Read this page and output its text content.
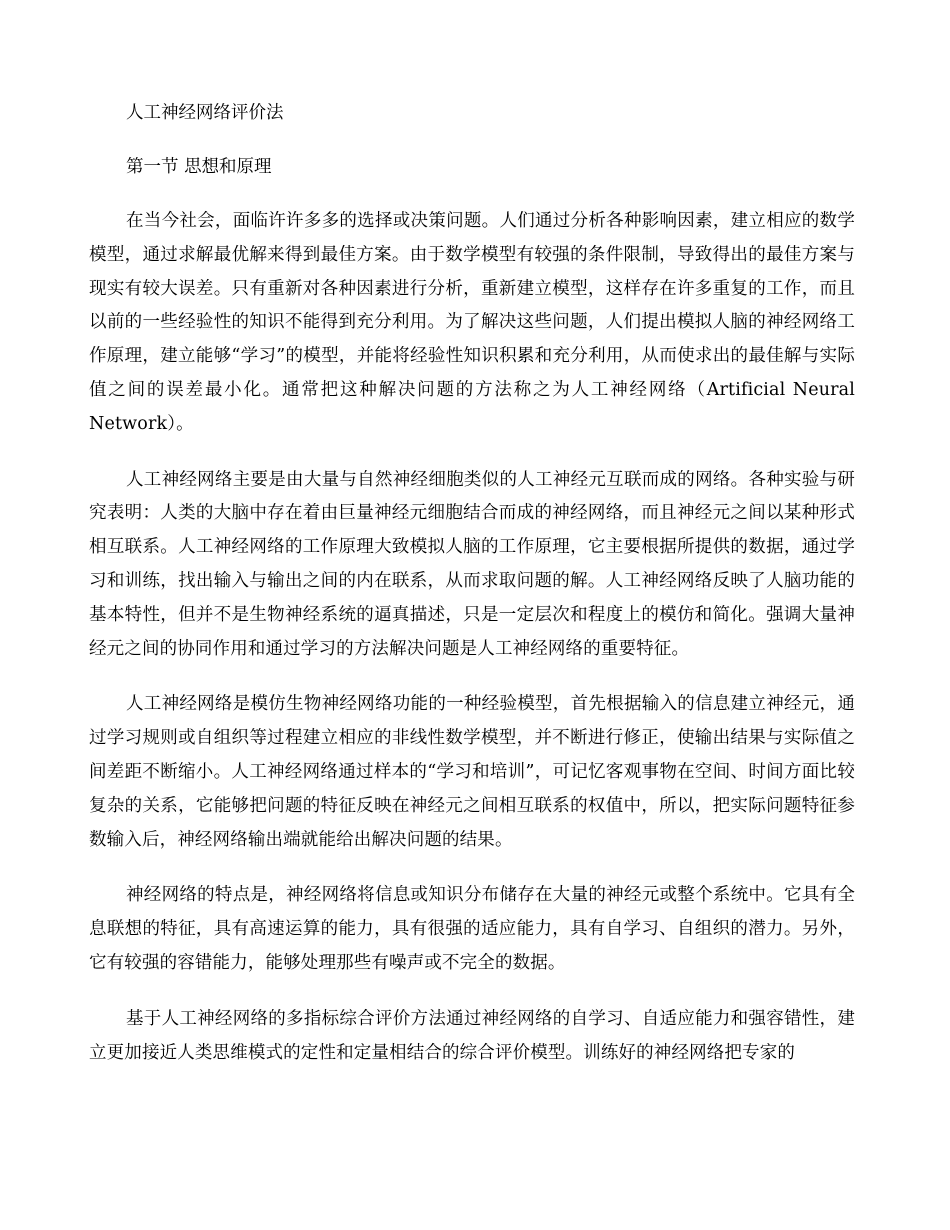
人工神经网络评价法

第一节 思想和原理

在当今社会，面临许许多多的选择或决策问题。人们通过分析各种影响因素，建立相应的数学模型，通过求解最优解来得到最佳方案。由于数学模型有较强的条件限制，导致得出的最佳方案与现实有较大误差。只有重新对各种因素进行分析，重新建立模型，这样存在许多重复的工作，而且以前的一些经验性的知识不能得到充分利用。为了解决这些问题，人们提出模拟人脑的神经网络工作原理，建立能够“学习”的模型，并能将经验性知识积累和充分利用，从而使求出的最佳解与实际值之间的误差最小化。通常把这种解决问题的方法称之为人工神经网络（Artificial Neural Network）。

人工神经网络主要是由大量与自然神经细胞类似的人工神经元互联而成的网络。各种实验与研究表明：人类的大脑中存在着由巨量神经元细胞结合而成的神经网络，而且神经元之间以某种形式相互联系。人工神经网络的工作原理大致模拟人脑的工作原理，它主要根据所提供的数据，通过学习和训练，找出输入与输出之间的内在联系，从而求取问题的解。人工神经网络反映了人脑功能的基本特性，但并不是生物神经系统的逼真描述，只是一定层次和程度上的模仿和简化。强调大量神经元之间的协同作用和通过学习的方法解决问题是人工神经网络的重要特征。

人工神经网络是模仿生物神经网络功能的一种经验模型，首先根据输入的信息建立神经元，通过学习规则或自组织等过程建立相应的非线性数学模型，并不断进行修正，使输出结果与实际值之间差距不断缩小。人工神经网络通过样本的“学习和培训”，可记忆客观事物在空间、时间方面比较复杂的关系，它能够把问题的特征反映在神经元之间相互联系的权值中，所以，把实际问题特征参数输入后，神经网络输出端就能给出解决问题的结果。

神经网络的特点是，神经网络将信息或知识分布储存在大量的神经元或整个系统中。它具有全息联想的特征，具有高速运算的能力，具有很强的适应能力，具有自学习、自组织的潜力。另外，它有较强的容错能力，能够处理那些有噪声或不完全的数据。

基于人工神经网络的多指标综合评价方法通过神经网络的自学习、自适应能力和强容错性，建立更加接近人类思维模式的定性和定量相结合的综合评价模型。训练好的神经网络把专家的
